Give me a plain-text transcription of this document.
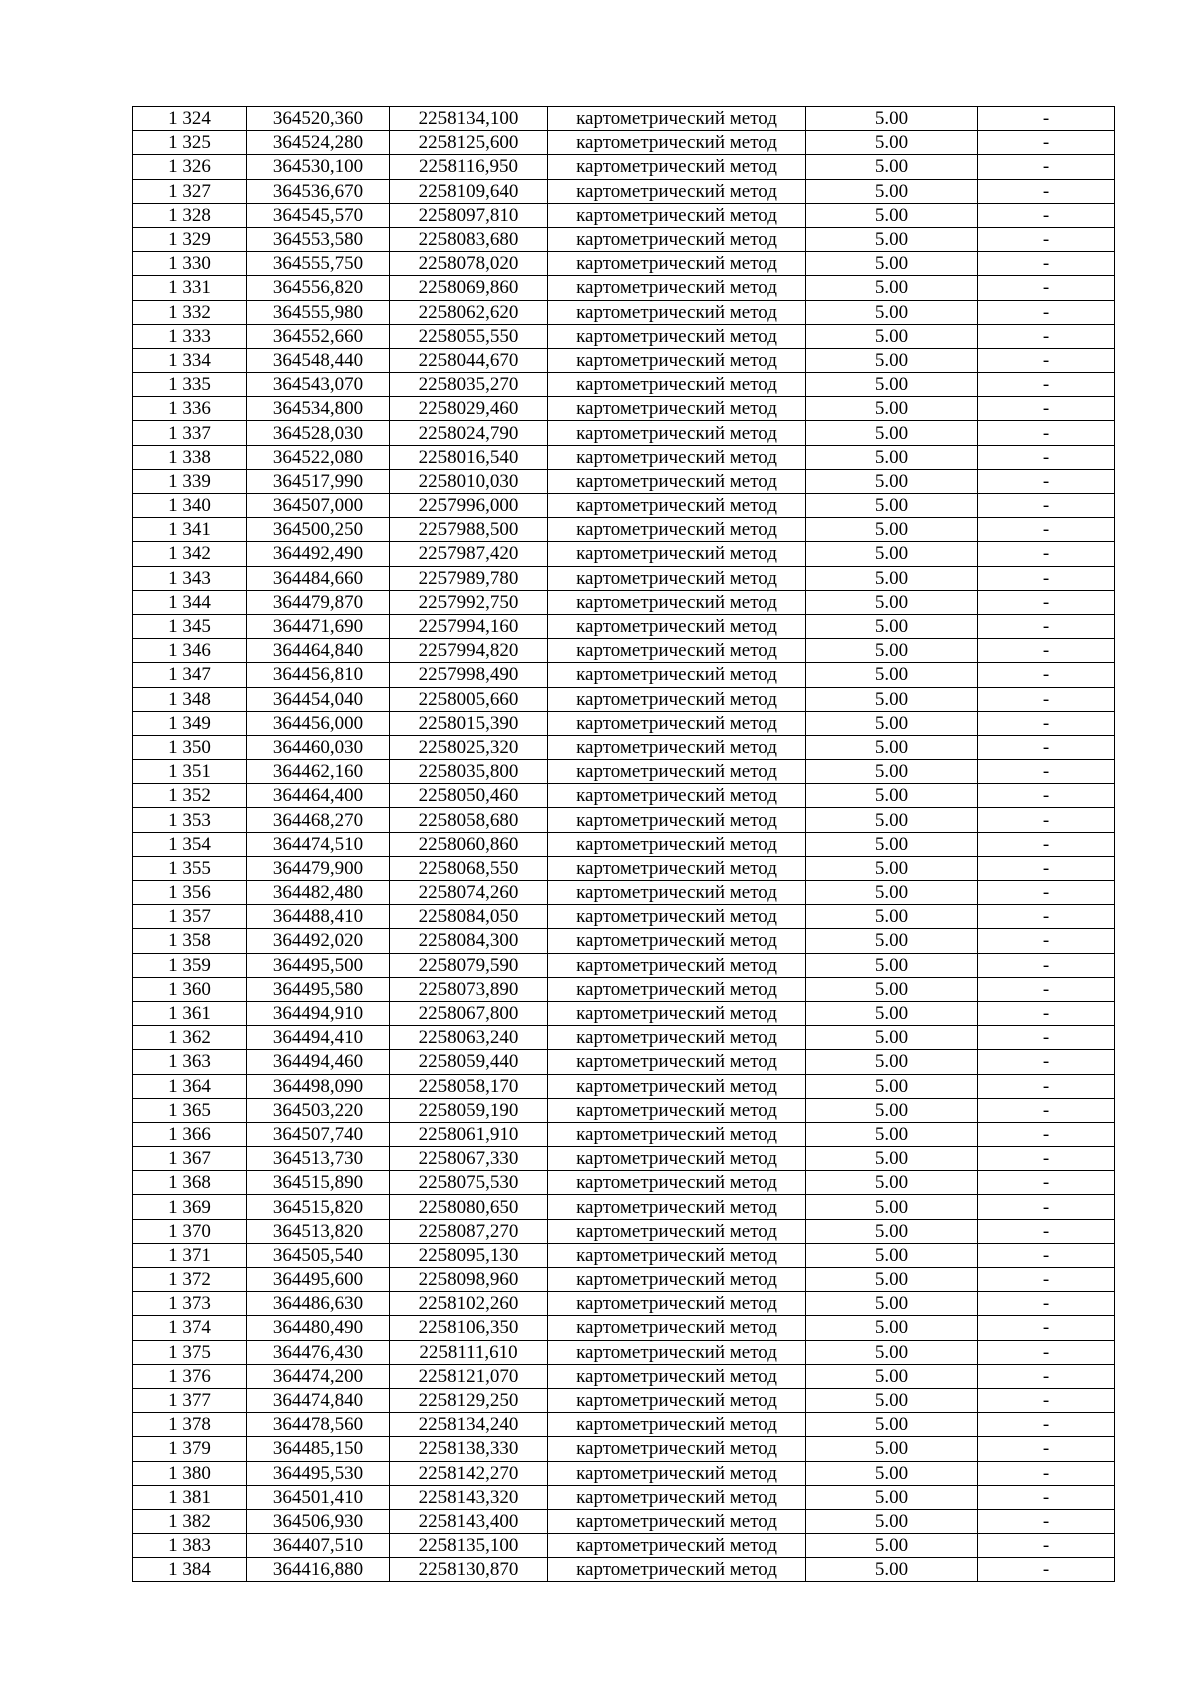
1 324	364520,360	2258134,100	картометрический метод	5.00	-
1 325	364524,280	2258125,600	картометрический метод	5.00	-
1 326	364530,100	2258116,950	картометрический метод	5.00	-
1 327	364536,670	2258109,640	картометрический метод	5.00	-
1 328	364545,570	2258097,810	картометрический метод	5.00	-
1 329	364553,580	2258083,680	картометрический метод	5.00	-
1 330	364555,750	2258078,020	картометрический метод	5.00	-
1 331	364556,820	2258069,860	картометрический метод	5.00	-
1 332	364555,980	2258062,620	картометрический метод	5.00	-
1 333	364552,660	2258055,550	картометрический метод	5.00	-
1 334	364548,440	2258044,670	картометрический метод	5.00	-
1 335	364543,070	2258035,270	картометрический метод	5.00	-
1 336	364534,800	2258029,460	картометрический метод	5.00	-
1 337	364528,030	2258024,790	картометрический метод	5.00	-
1 338	364522,080	2258016,540	картометрический метод	5.00	-
1 339	364517,990	2258010,030	картометрический метод	5.00	-
1 340	364507,000	2257996,000	картометрический метод	5.00	-
1 341	364500,250	2257988,500	картометрический метод	5.00	-
1 342	364492,490	2257987,420	картометрический метод	5.00	-
1 343	364484,660	2257989,780	картометрический метод	5.00	-
1 344	364479,870	2257992,750	картометрический метод	5.00	-
1 345	364471,690	2257994,160	картометрический метод	5.00	-
1 346	364464,840	2257994,820	картометрический метод	5.00	-
1 347	364456,810	2257998,490	картометрический метод	5.00	-
1 348	364454,040	2258005,660	картометрический метод	5.00	-
1 349	364456,000	2258015,390	картометрический метод	5.00	-
1 350	364460,030	2258025,320	картометрический метод	5.00	-
1 351	364462,160	2258035,800	картометрический метод	5.00	-
1 352	364464,400	2258050,460	картометрический метод	5.00	-
1 353	364468,270	2258058,680	картометрический метод	5.00	-
1 354	364474,510	2258060,860	картометрический метод	5.00	-
1 355	364479,900	2258068,550	картометрический метод	5.00	-
1 356	364482,480	2258074,260	картометрический метод	5.00	-
1 357	364488,410	2258084,050	картометрический метод	5.00	-
1 358	364492,020	2258084,300	картометрический метод	5.00	-
1 359	364495,500	2258079,590	картометрический метод	5.00	-
1 360	364495,580	2258073,890	картометрический метод	5.00	-
1 361	364494,910	2258067,800	картометрический метод	5.00	-
1 362	364494,410	2258063,240	картометрический метод	5.00	-
1 363	364494,460	2258059,440	картометрический метод	5.00	-
1 364	364498,090	2258058,170	картометрический метод	5.00	-
1 365	364503,220	2258059,190	картометрический метод	5.00	-
1 366	364507,740	2258061,910	картометрический метод	5.00	-
1 367	364513,730	2258067,330	картометрический метод	5.00	-
1 368	364515,890	2258075,530	картометрический метод	5.00	-
1 369	364515,820	2258080,650	картометрический метод	5.00	-
1 370	364513,820	2258087,270	картометрический метод	5.00	-
1 371	364505,540	2258095,130	картометрический метод	5.00	-
1 372	364495,600	2258098,960	картометрический метод	5.00	-
1 373	364486,630	2258102,260	картометрический метод	5.00	-
1 374	364480,490	2258106,350	картометрический метод	5.00	-
1 375	364476,430	2258111,610	картометрический метод	5.00	-
1 376	364474,200	2258121,070	картометрический метод	5.00	-
1 377	364474,840	2258129,250	картометрический метод	5.00	-
1 378	364478,560	2258134,240	картометрический метод	5.00	-
1 379	364485,150	2258138,330	картометрический метод	5.00	-
1 380	364495,530	2258142,270	картометрический метод	5.00	-
1 381	364501,410	2258143,320	картометрический метод	5.00	-
1 382	364506,930	2258143,400	картометрический метод	5.00	-
1 383	364407,510	2258135,100	картометрический метод	5.00	-
1 384	364416,880	2258130,870	картометрический метод	5.00	-
